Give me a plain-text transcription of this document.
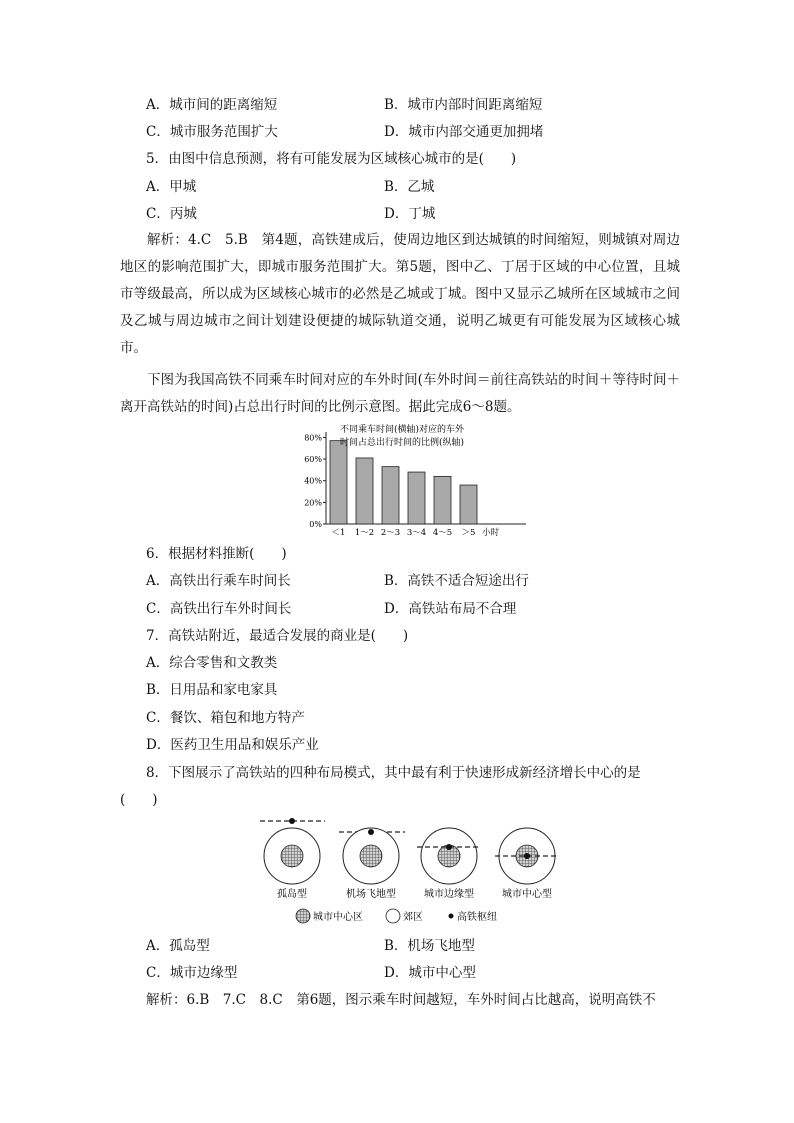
A．城市间的距离缩短	B．城市内部时间距离缩短
C．城市服务范围扩大	D．城市内部交通更加拥堵
5．由图中信息预测，将有可能发展为区域核心城市的是(　　)
A．甲城	B．乙城
C．丙城	D．丁城
解析：4.C　5.B　第4题，高铁建成后，使周边地区到达城镇的时间缩短，则城镇对周边地区的影响范围扩大，即城市服务范围扩大。第5题，图中乙、丁居于区域的中心位置，且城市等级最高，所以成为区域核心城市的必然是乙城或丁城。图中又显示乙城所在区域城市之间及乙城与周边城市之间计划建设便捷的城际轨道交通，说明乙城更有可能发展为区域核心城市。
下图为我国高铁不同乘车时间对应的车外时间(车外时间＝前往高铁站的时间＋等待时间＋离开高铁站的时间)占总出行时间的比例示意图。据此完成6～8题。
0%
20%
40%
60%
80%
＜1 1～2 2～3 3～4 4～5 ＞5 小时
不同乘车时间(横轴)对应的车外
时间占总出行时间的比例(纵轴)
6．根据材料推断(　　)
A．高铁出行乘车时间长	B．高铁不适合短途出行
C．高铁出行车外时间长	D．高铁站布局不合理
7．高铁站附近，最适合发展的商业是(　　)
A．综合零售和文教类
B．日用品和家电家具
C．餐饮、箱包和地方特产
D．医药卫生用品和娱乐产业
8．下图展示了高铁站的四种布局模式，其中最有利于快速形成新经济增长中心的是
(　　)
孤岛型	机场飞地型	城市边缘型	城市中心型
城市中心区	郊区	高铁枢纽
A．孤岛型	B．机场飞地型
C．城市边缘型	D．城市中心型
解析：6.B　7.C　8.C　第6题，图示乘车时间越短，车外时间占比越高，说明高铁不
